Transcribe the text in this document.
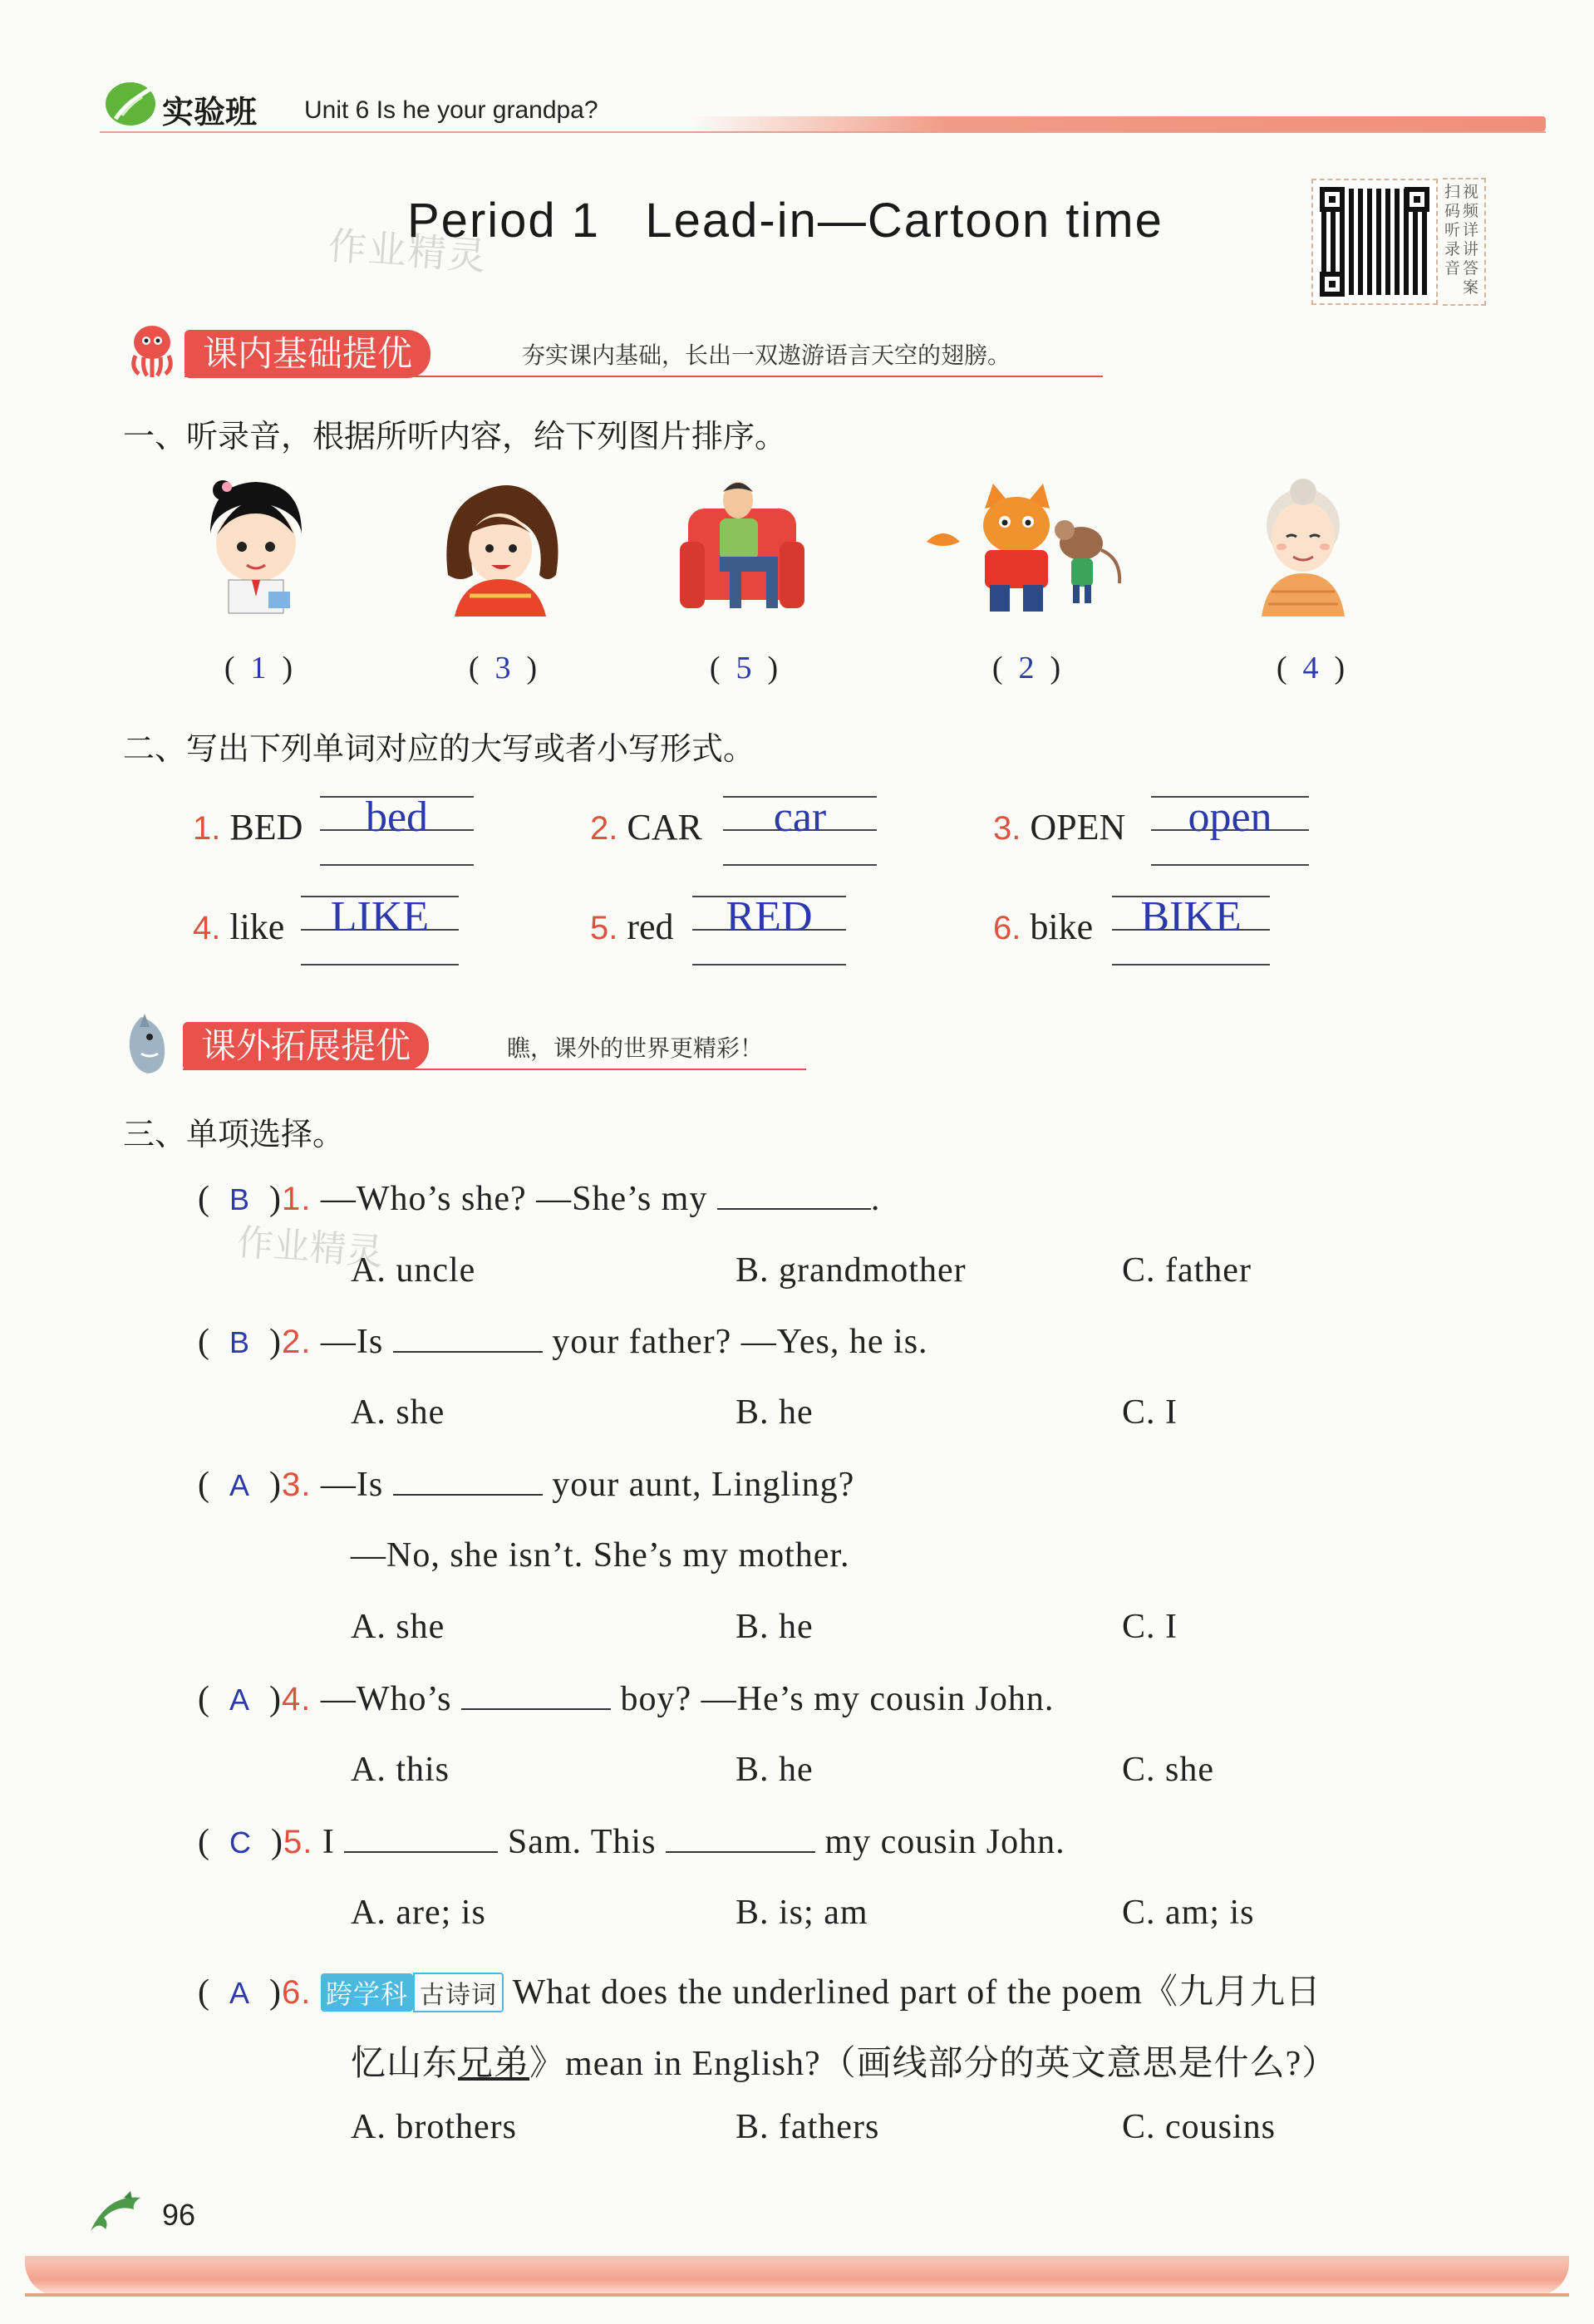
实验班 Unit 6 Is he your grandpa?
Period 1   Lead-in—Cartoon time
作业精灵
扫
码
听
录
音
视
频
详
讲
答
案
课内基础提优	夯实课内基础，长出一双遨游语言天空的翅膀。
一、听录音，根据所听内容，给下列图片排序。
(  1  )	(  3  )	(  5  )	(  2  )	(  4  )
二、写出下列单词对应的大写或者小写形式。
1. BED	bed	2. CAR	car	3. OPEN	open
4. like	LIKE	5. red	RED	6. bike	BIKE
课外拓展提优	瞧，课外的世界更精彩！
三、单项选择。
(  B  )1. —Who’s she? —She’s my	.
作业精灵
A. uncle	B. grandmother	C. father
(  B  )2. —Is	your father? —Yes, he is.
A. she	B. he	C. I
(  A  )3. —Is	your aunt, Lingling?
—No, she isn’t. She’s my mother.
A. she	B. he	C. I
(  A  )4. —Who’s	boy? —He’s my cousin John.
A. this	B. he	C. she
(  C  )5. I	Sam. This	my cousin John.
A. are; is	B. is; am	C. am; is
(  A  )6. 跨学科 古诗词 What does the underlined part of the poem《九月九日
忆山东兄弟》mean in English?（画线部分的英文意思是什么?）
A. brothers	B. fathers	C. cousins
96
